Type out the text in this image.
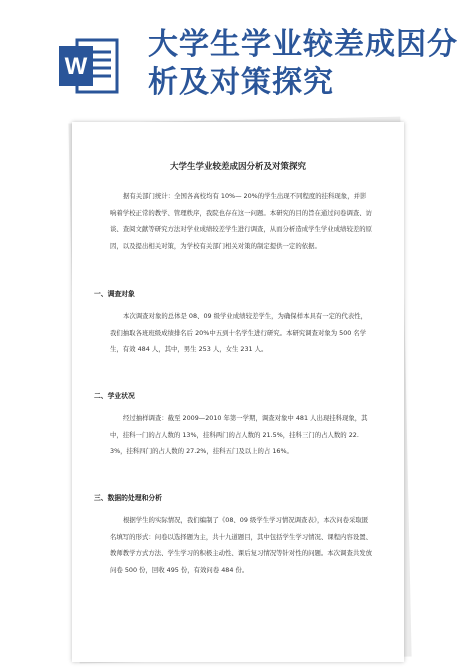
W
大学生学业较差成因分析及对策探究
大学生学业较差成因分析及对策探究
据有关部门统计：全国各高校均有 10%— 20%的学生出现不同程度的挂科现象，并影响着学校正常的教学、管理秩序，我院也存在这一问题。本研究的目的旨在通过问卷调查、访谈、查阅文献等研究方法对学业成绩较差学生进行调查，从而分析造成学生学业成绩较差的原因，以及提出相关对策，为学校有关部门相关对策的制定提供一定的依据。
一、调查对象
本次调查对象的总体是 08、09 级学业成绩较差学生，为确保样本具有一定的代表性，我们抽取各班班级成绩排名后 20%中五到十名学生进行研究。本研究调查对象为 500 名学生，有效 484 人，其中，男生 253 人，女生 231 人。
二、学业状况
经过抽样调查：截至 2009—2010 年第一学期，调查对象中 481 人出现挂科现象，其中，挂科一门的占人数的 13%，挂科两门的占人数的 21.5%，挂科三门的占人数的 22.3%，挂科四门的占人数的 27.2%，挂科五门及以上的占 16%。
三、数据的处理和分析
根据学生的实际情况，我们编制了《08、09 级学生学习情况调查表》，本次问卷采取匿名填写的形式：问卷以选择题为主，共十九道题目，其中包括学生学习情况、课程内容设置、教师教学方式方法、学生学习的积极主动性、课后复习情况等针对性的问题。本次调查共发放问卷 500 份，回收 495 份，有效问卷 484 份。
